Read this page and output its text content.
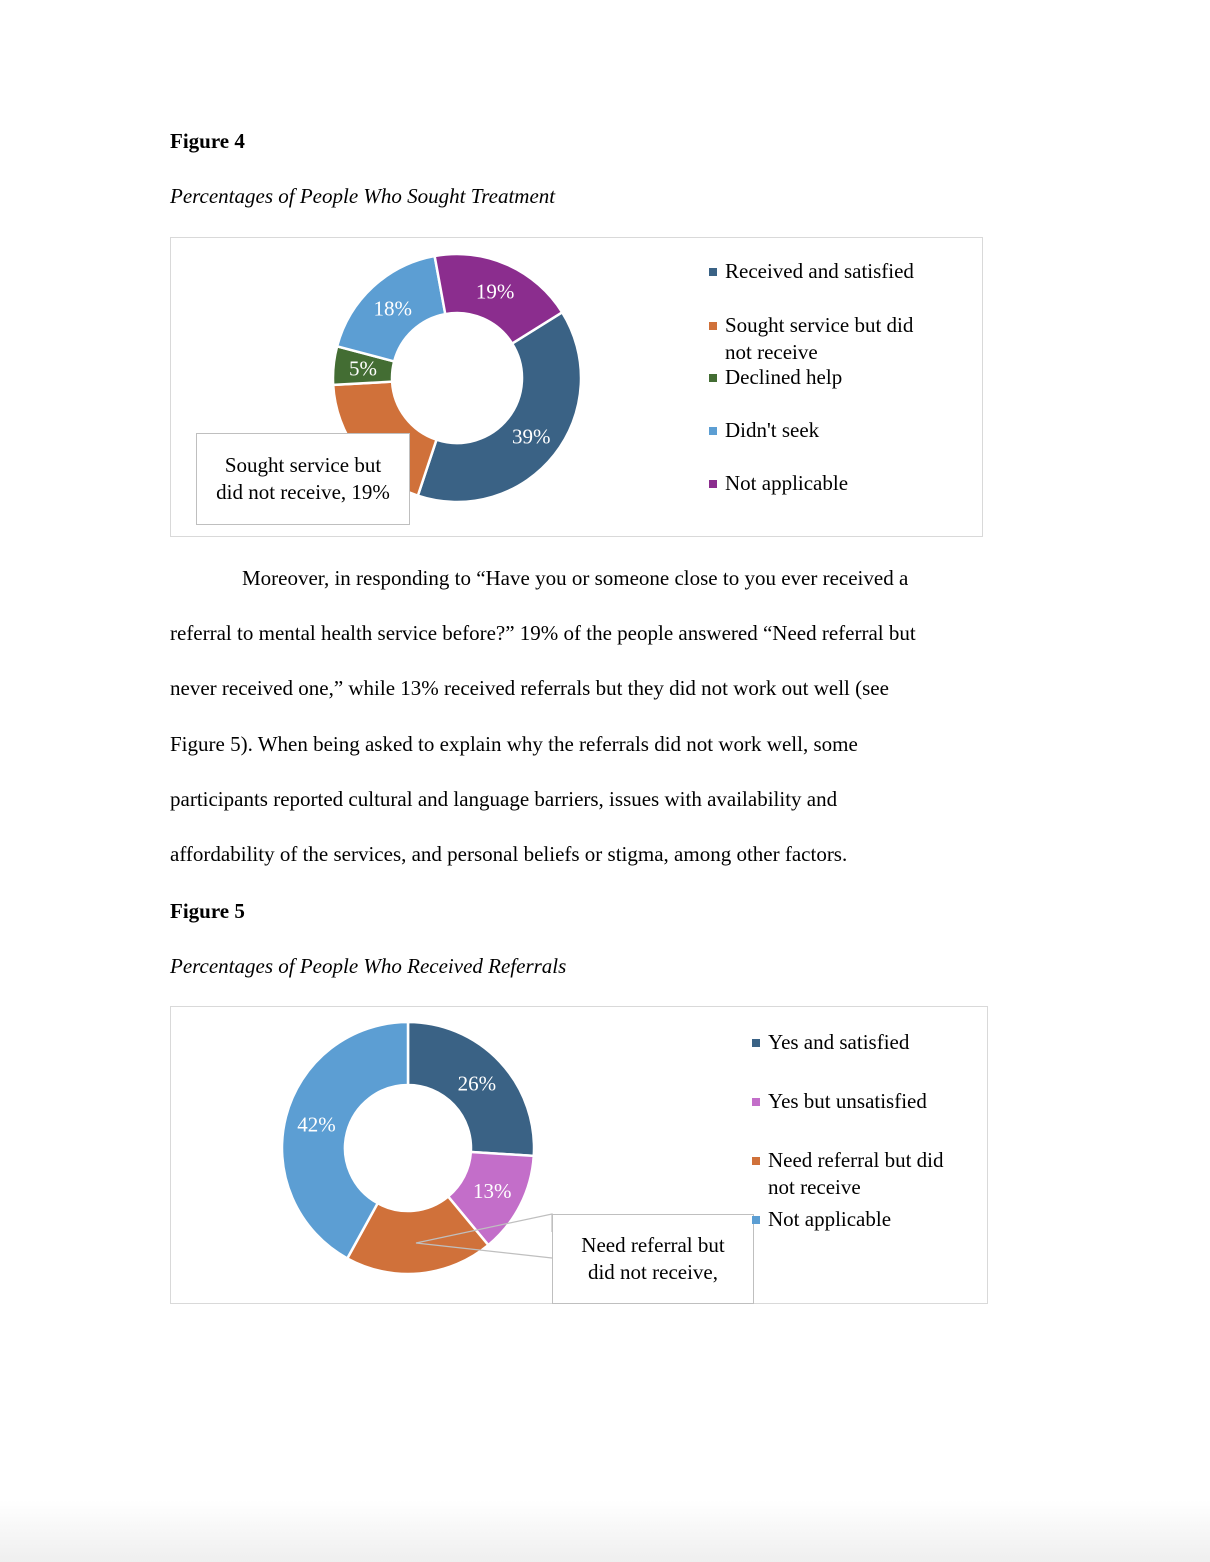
Figure 4
Percentages of People Who Sought Treatment
39%
5%
18%
19%
Sought service but
did not receive, 19%
Received and satisfied
Sought service but did
not receive
Declined help
Didn't seek
Not applicable
Moreover, in responding to “Have you or someone close to you ever received a
referral to mental health service before?” 19% of the people answered “Need referral but
never received one,” while 13% received referrals but they did not work out well (see
Figure 5). When being asked to explain why the referrals did not work well, some
participants reported cultural and language barriers, issues with availability and
affordability of the services, and personal beliefs or stigma, among other factors.
Figure 5
Percentages of People Who Received Referrals
26%
13%
42%
Need referral but
did not receive,
Yes and satisfied
Yes but unsatisfied
Need referral but did
not receive
Not applicable
